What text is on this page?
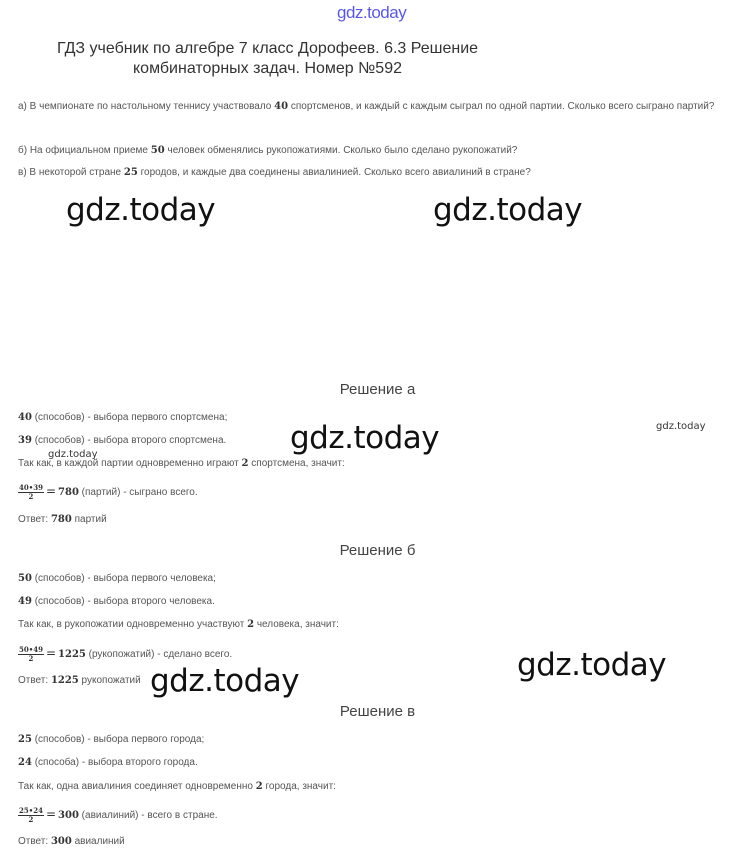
gdz.today
ГДЗ учебник по алгебре 7 класс Дорофеев. 6.3 Решение комбинаторных задач. Номер №592
а) В чемпионате по настольному теннису участвовало 40 спортсменов, и каждый с каждым сыграл по одной партии. Сколько всего сыграно партий?
б) На официальном приеме 50 человек обменялись рукопожатиями. Сколько было сделано рукопожатий?
в) В некоторой стране 25 городов, и каждые два соединены авиалинией. Сколько всего авиалиний в стране?
Решение а
40 (способов) - выбора первого спортсмена;
39 (способов) - выбора второго спортсмена.
Так как, в каждой партии одновременно играют 2 спортсмена, значит:
$\frac{40•39}{2} = 780$ (партий) - сыграно всего.
Ответ: 780 партий
Решение б
50 (способов) - выбора первого человека;
49 (способов) - выбора второго человека.
Так как, в рукопожатии одновременно участвуют 2 человека, значит:
$\frac{50•49}{2} = 1225$ (рукопожатий) - сделано всего.
Ответ: 1225 рукопожатий
Решение в
25 (способов) - выбора первого города;
24 (способа) - выбора второго города.
Так как, одна авиалиния соединяет одновременно 2 города, значит:
$\frac{25•24}{2} = 300$ (авиалиний) - всего в стране.
Ответ: 300 авиалиний
gdz.today	gdz.today
gdz.today	gdz.today
gdz.today
gdz.today
gdz.today
